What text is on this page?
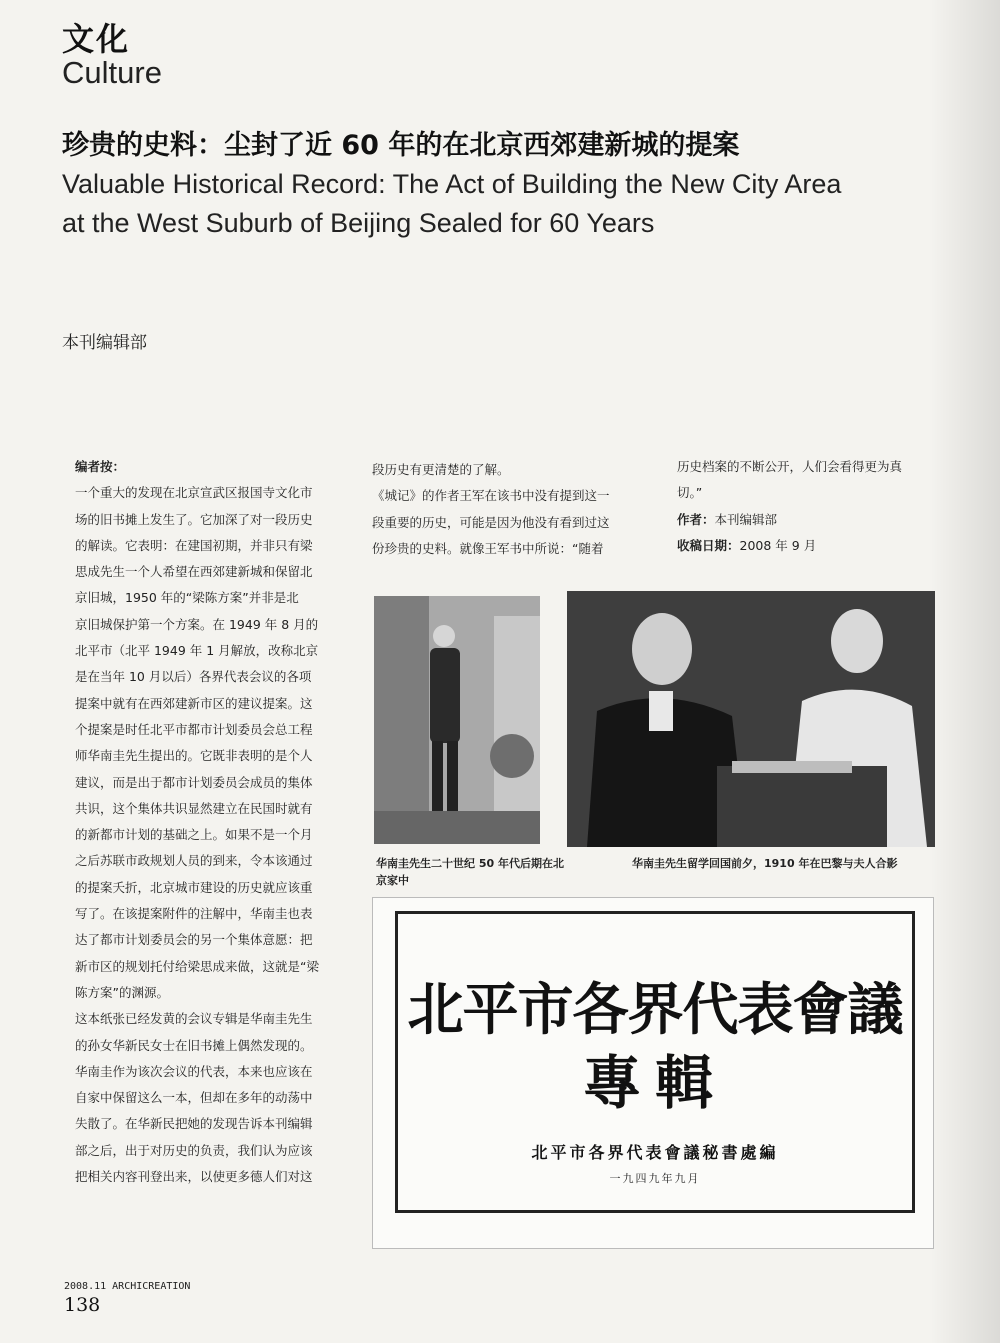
文化
Culture
珍贵的史料：尘封了近 60 年的在北京西郊建新城的提案
Valuable Historical Record: The Act of Building the New City Area
at the West Suburb of Beijing Sealed for 60 Years
本刊编辑部

编者按：

一个重大的发现在北京宣武区报国寺文化市

场的旧书摊上发生了。它加深了对一段历史

的解读。它表明：在建国初期，并非只有梁

思成先生一个人希望在西郊建新城和保留北

京旧城，1950 年的“梁陈方案”并非是北

京旧城保护第一个方案。在 1949 年 8 月的

北平市（北平 1949 年 1 月解放，改称北京

是在当年 10 月以后）各界代表会议的各项

提案中就有在西郊建新市区的建议提案。这

个提案是时任北平市都市计划委员会总工程

师华南圭先生提出的。它既非表明的是个人

建议，而是出于都市计划委员会成员的集体

共识，这个集体共识显然建立在民国时就有

的新都市计划的基础之上。如果不是一个月

之后苏联市政规划人员的到来，令本该通过

的提案夭折，北京城市建设的历史就应该重

写了。在该提案附件的注解中，华南圭也表

达了都市计划委员会的另一个集体意愿：把

新市区的规划托付给梁思成来做，这就是“梁

陈方案”的渊源。

这本纸张已经发黄的会议专辑是华南圭先生

的孙女华新民女士在旧书摊上偶然发现的。

华南圭作为该次会议的代表，本来也应该在

自家中保留这么一本，但却在多年的动荡中

失散了。在华新民把她的发现告诉本刊编辑

部之后，出于对历史的负责，我们认为应该

把相关内容刊登出来，以使更多德人们对这

段历史有更清楚的了解。

《城记》的作者王军在该书中没有提到这一

段重要的历史，可能是因为他没有看到过这

份珍贵的史料。就像王军书中所说：“随着

历史档案的不断公开，人们会看得更为真

切。”

作者：本刊编辑部

收稿日期：2008 年 9 月

华南圭先生二十世纪 50 年代后期在北京家中
华南圭先生留学回国前夕，1910 年在巴黎与夫人合影
北平市各界代表會議
專輯
北平市各界代表會議秘書處編
一九四九年九月
2008.11 ARCHICREATION
138
